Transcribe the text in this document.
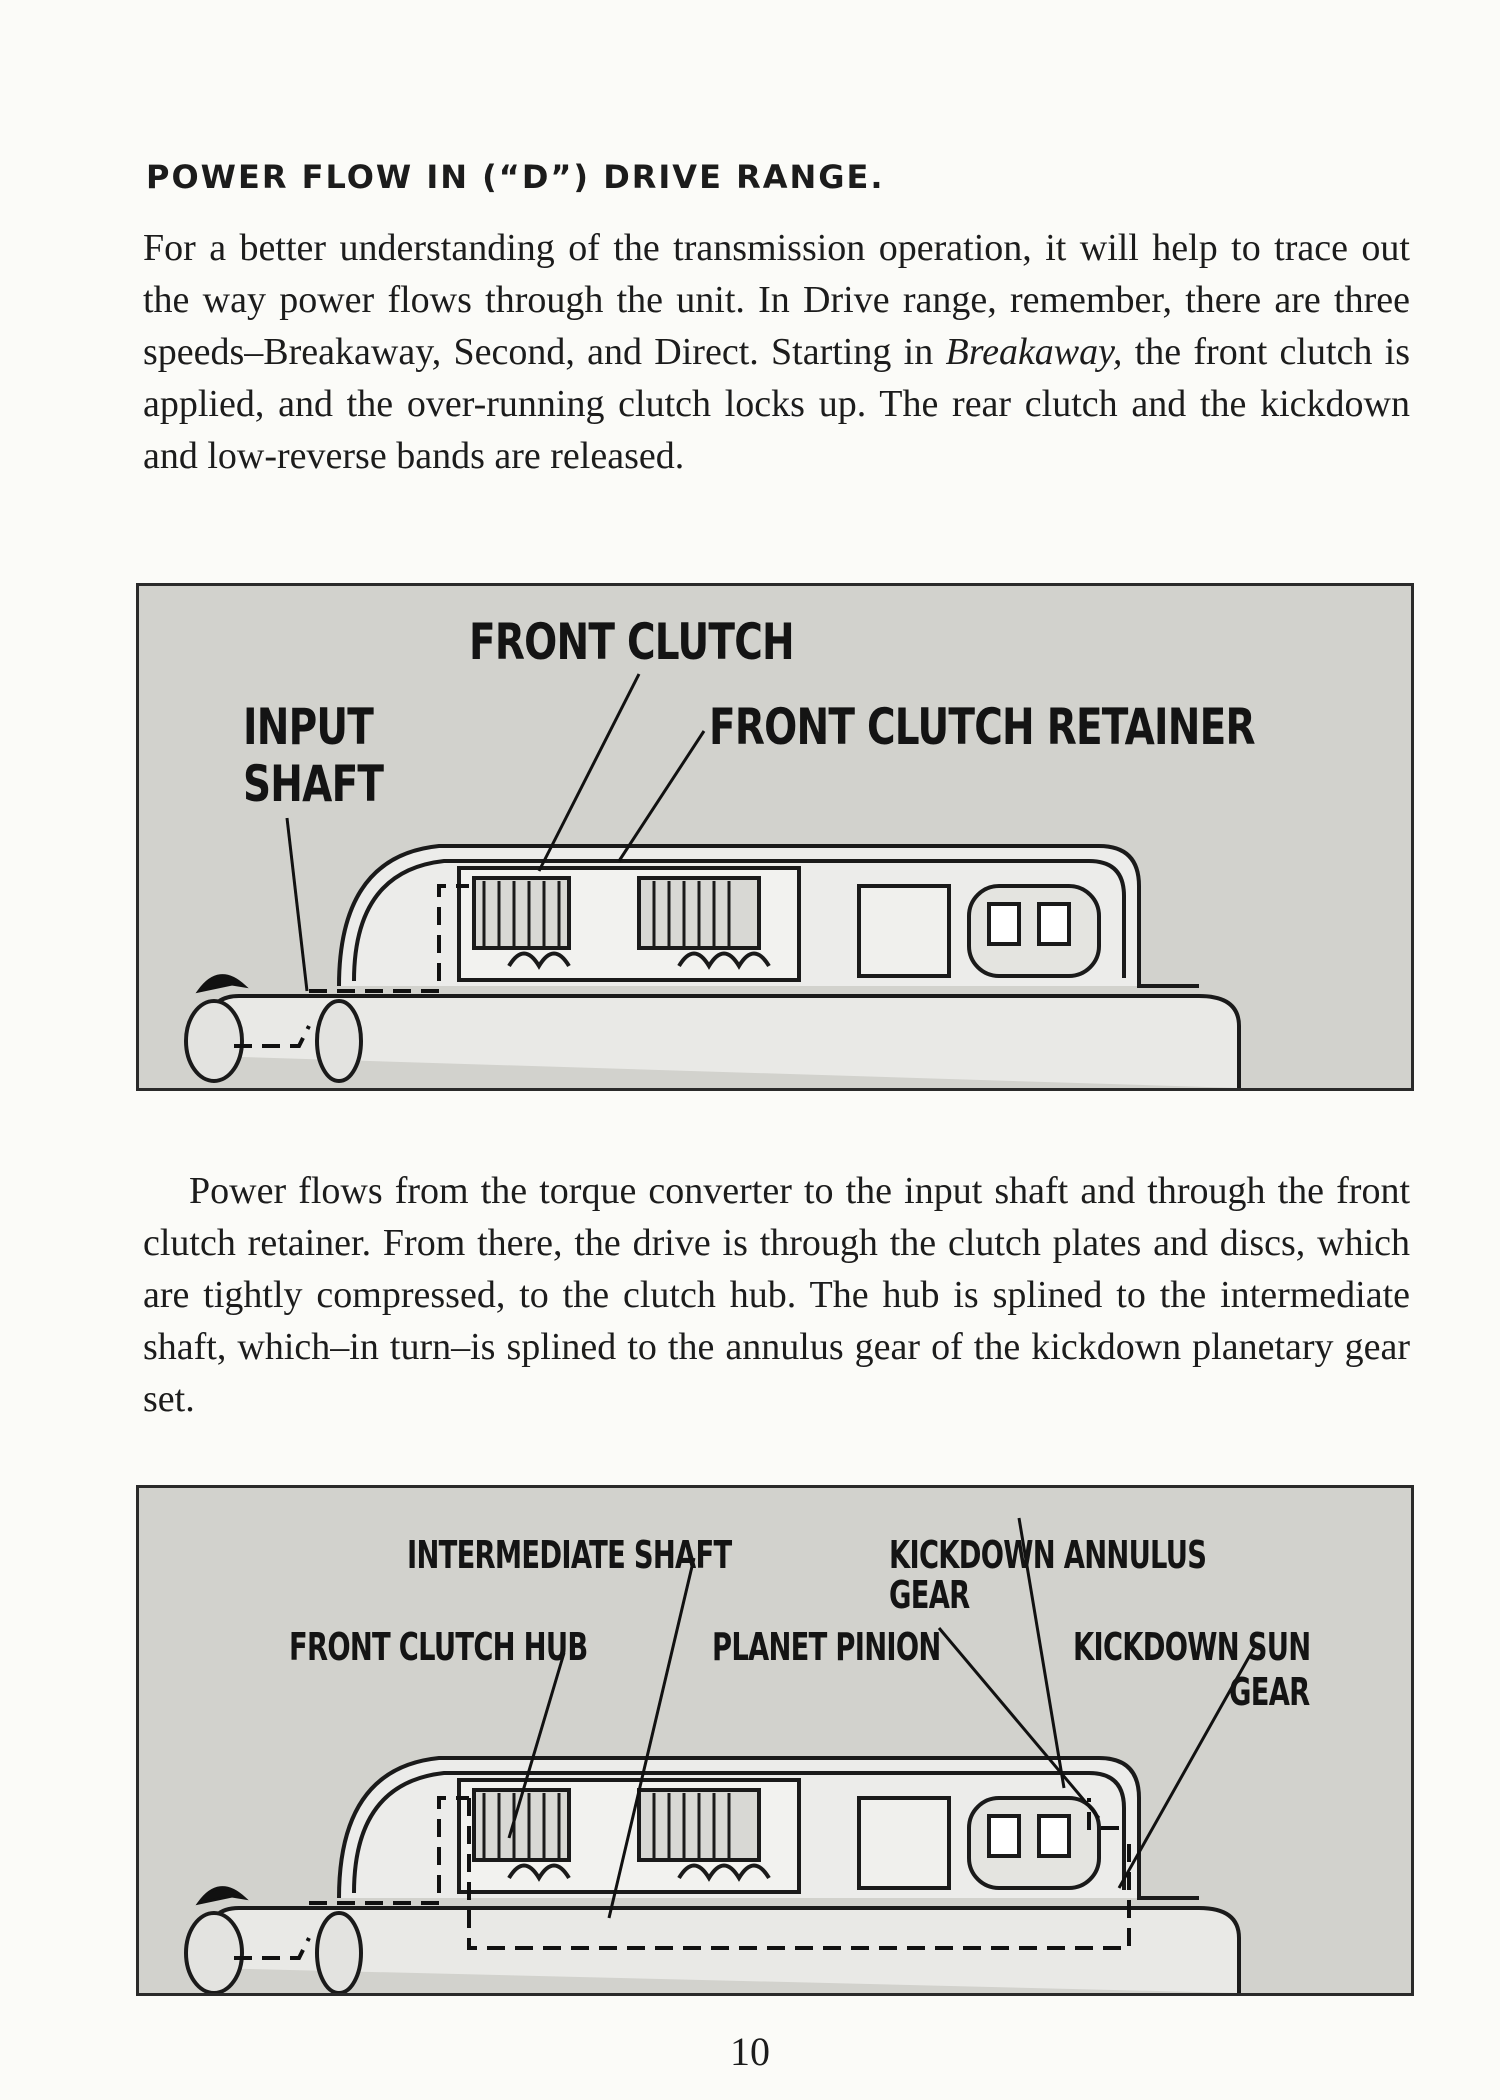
POWER FLOW IN (“D”) DRIVE RANGE.

For a better understanding of the transmission operation, it will help to trace out the way power flows through the unit. In Drive range, remember, there are three speeds–Breakaway, Second, and Direct. Starting in Breakaway, the front clutch is applied, and the over-running clutch locks up. The rear clutch and the kickdown and low-reverse bands are released.

FRONT CLUTCH

INPUT

SHAFT

FRONT CLUTCH RETAINER

Power flows from the torque converter to the input shaft and through the front clutch retainer. From there, the drive is through the clutch plates and discs, which are tightly compressed, to the clutch hub. The hub is splined to the intermediate shaft, which–in turn–is splined to the annulus gear of the kickdown planetary gear set.

INTERMEDIATE SHAFT	KICKDOWN ANNULUS GEAR

FRONT CLUTCH HUB	PLANET PINION	KICKDOWN SUN

GEAR

10
